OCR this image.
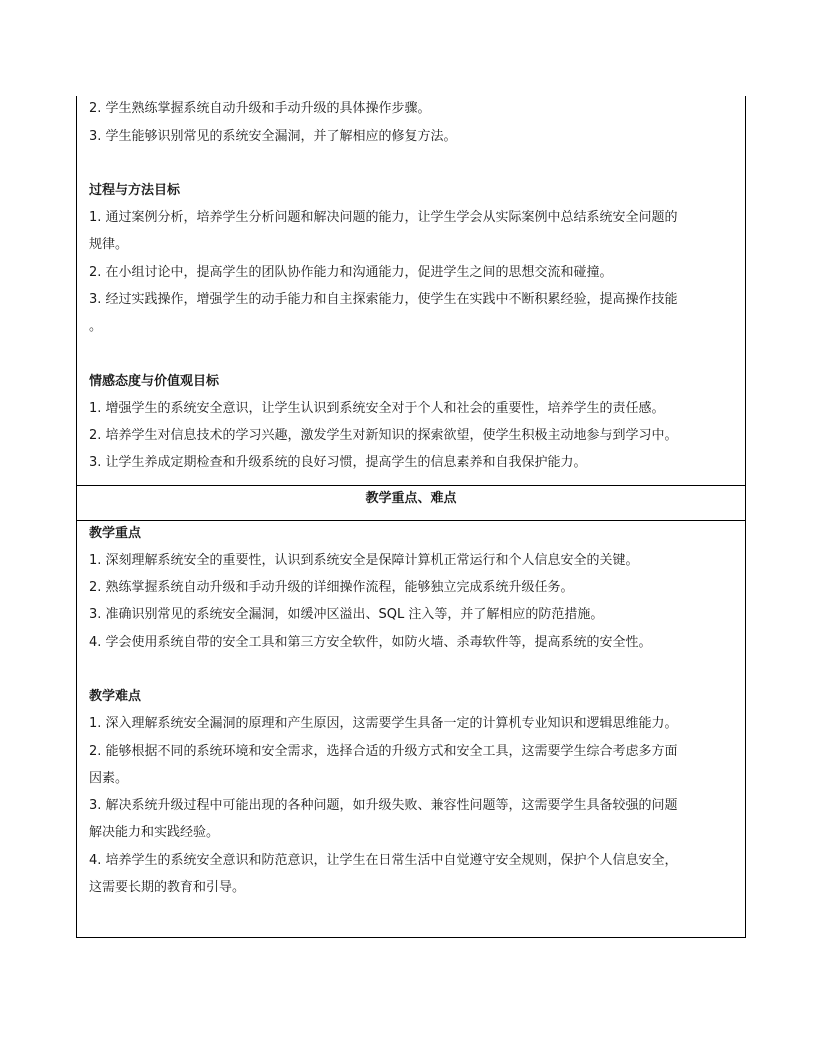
2. 学生熟练掌握系统自动升级和手动升级的具体操作步骤。

3. 学生能够识别常见的系统安全漏洞，并了解相应的修复方法。

过程与方法目标

1. 通过案例分析，培养学生分析问题和解决问题的能力，让学生学会从实际案例中总结系统安全问题的

规律。

2. 在小组讨论中，提高学生的团队协作能力和沟通能力，促进学生之间的思想交流和碰撞。

3. 经过实践操作，增强学生的动手能力和自主探索能力，使学生在实践中不断积累经验，提高操作技能

。

情感态度与价值观目标

1. 增强学生的系统安全意识，让学生认识到系统安全对于个人和社会的重要性，培养学生的责任感。

2. 培养学生对信息技术的学习兴趣，激发学生对新知识的探索欲望，使学生积极主动地参与到学习中。

3. 让学生养成定期检查和升级系统的良好习惯，提高学生的信息素养和自我保护能力。

教学重点、难点

教学重点

1. 深刻理解系统安全的重要性，认识到系统安全是保障计算机正常运行和个人信息安全的关键。

2. 熟练掌握系统自动升级和手动升级的详细操作流程，能够独立完成系统升级任务。

3. 准确识别常见的系统安全漏洞，如缓冲区溢出、SQL 注入等，并了解相应的防范措施。

4. 学会使用系统自带的安全工具和第三方安全软件，如防火墙、杀毒软件等，提高系统的安全性。

教学难点

1. 深入理解系统安全漏洞的原理和产生原因，这需要学生具备一定的计算机专业知识和逻辑思维能力。

2. 能够根据不同的系统环境和安全需求，选择合适的升级方式和安全工具，这需要学生综合考虑多方面

因素。

3. 解决系统升级过程中可能出现的各种问题，如升级失败、兼容性问题等，这需要学生具备较强的问题

解决能力和实践经验。

4. 培养学生的系统安全意识和防范意识，让学生在日常生活中自觉遵守安全规则，保护个人信息安全，

这需要长期的教育和引导。
